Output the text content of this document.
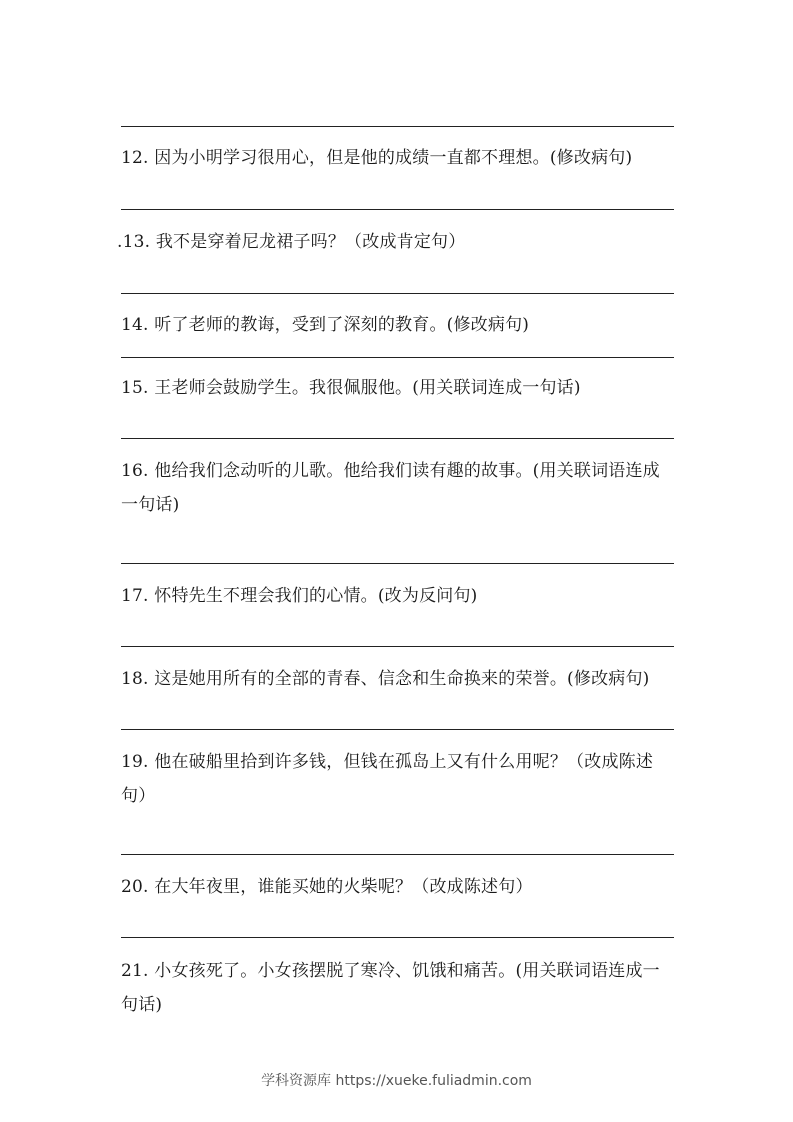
12. 因为小明学习很用心，但是他的成绩一直都不理想。(修改病句)
.13. 我不是穿着尼龙裙子吗？（改成肯定句）
14. 听了老师的教诲，受到了深刻的教育。(修改病句)
15. 王老师会鼓励学生。我很佩服他。(用关联词连成一句话)
16. 他给我们念动听的儿歌。他给我们读有趣的故事。(用关联词语连成一句话)
17. 怀特先生不理会我们的心情。(改为反问句)
18. 这是她用所有的全部的青春、信念和生命换来的荣誉。(修改病句)
19. 他在破船里拾到许多钱，但钱在孤岛上又有什么用呢？（改成陈述句）
20. 在大年夜里，谁能买她的火柴呢？（改成陈述句）
21. 小女孩死了。小女孩摆脱了寒冷、饥饿和痛苦。(用关联词语连成一句话)
学科资源库 https://xueke.fuliadmin.com
